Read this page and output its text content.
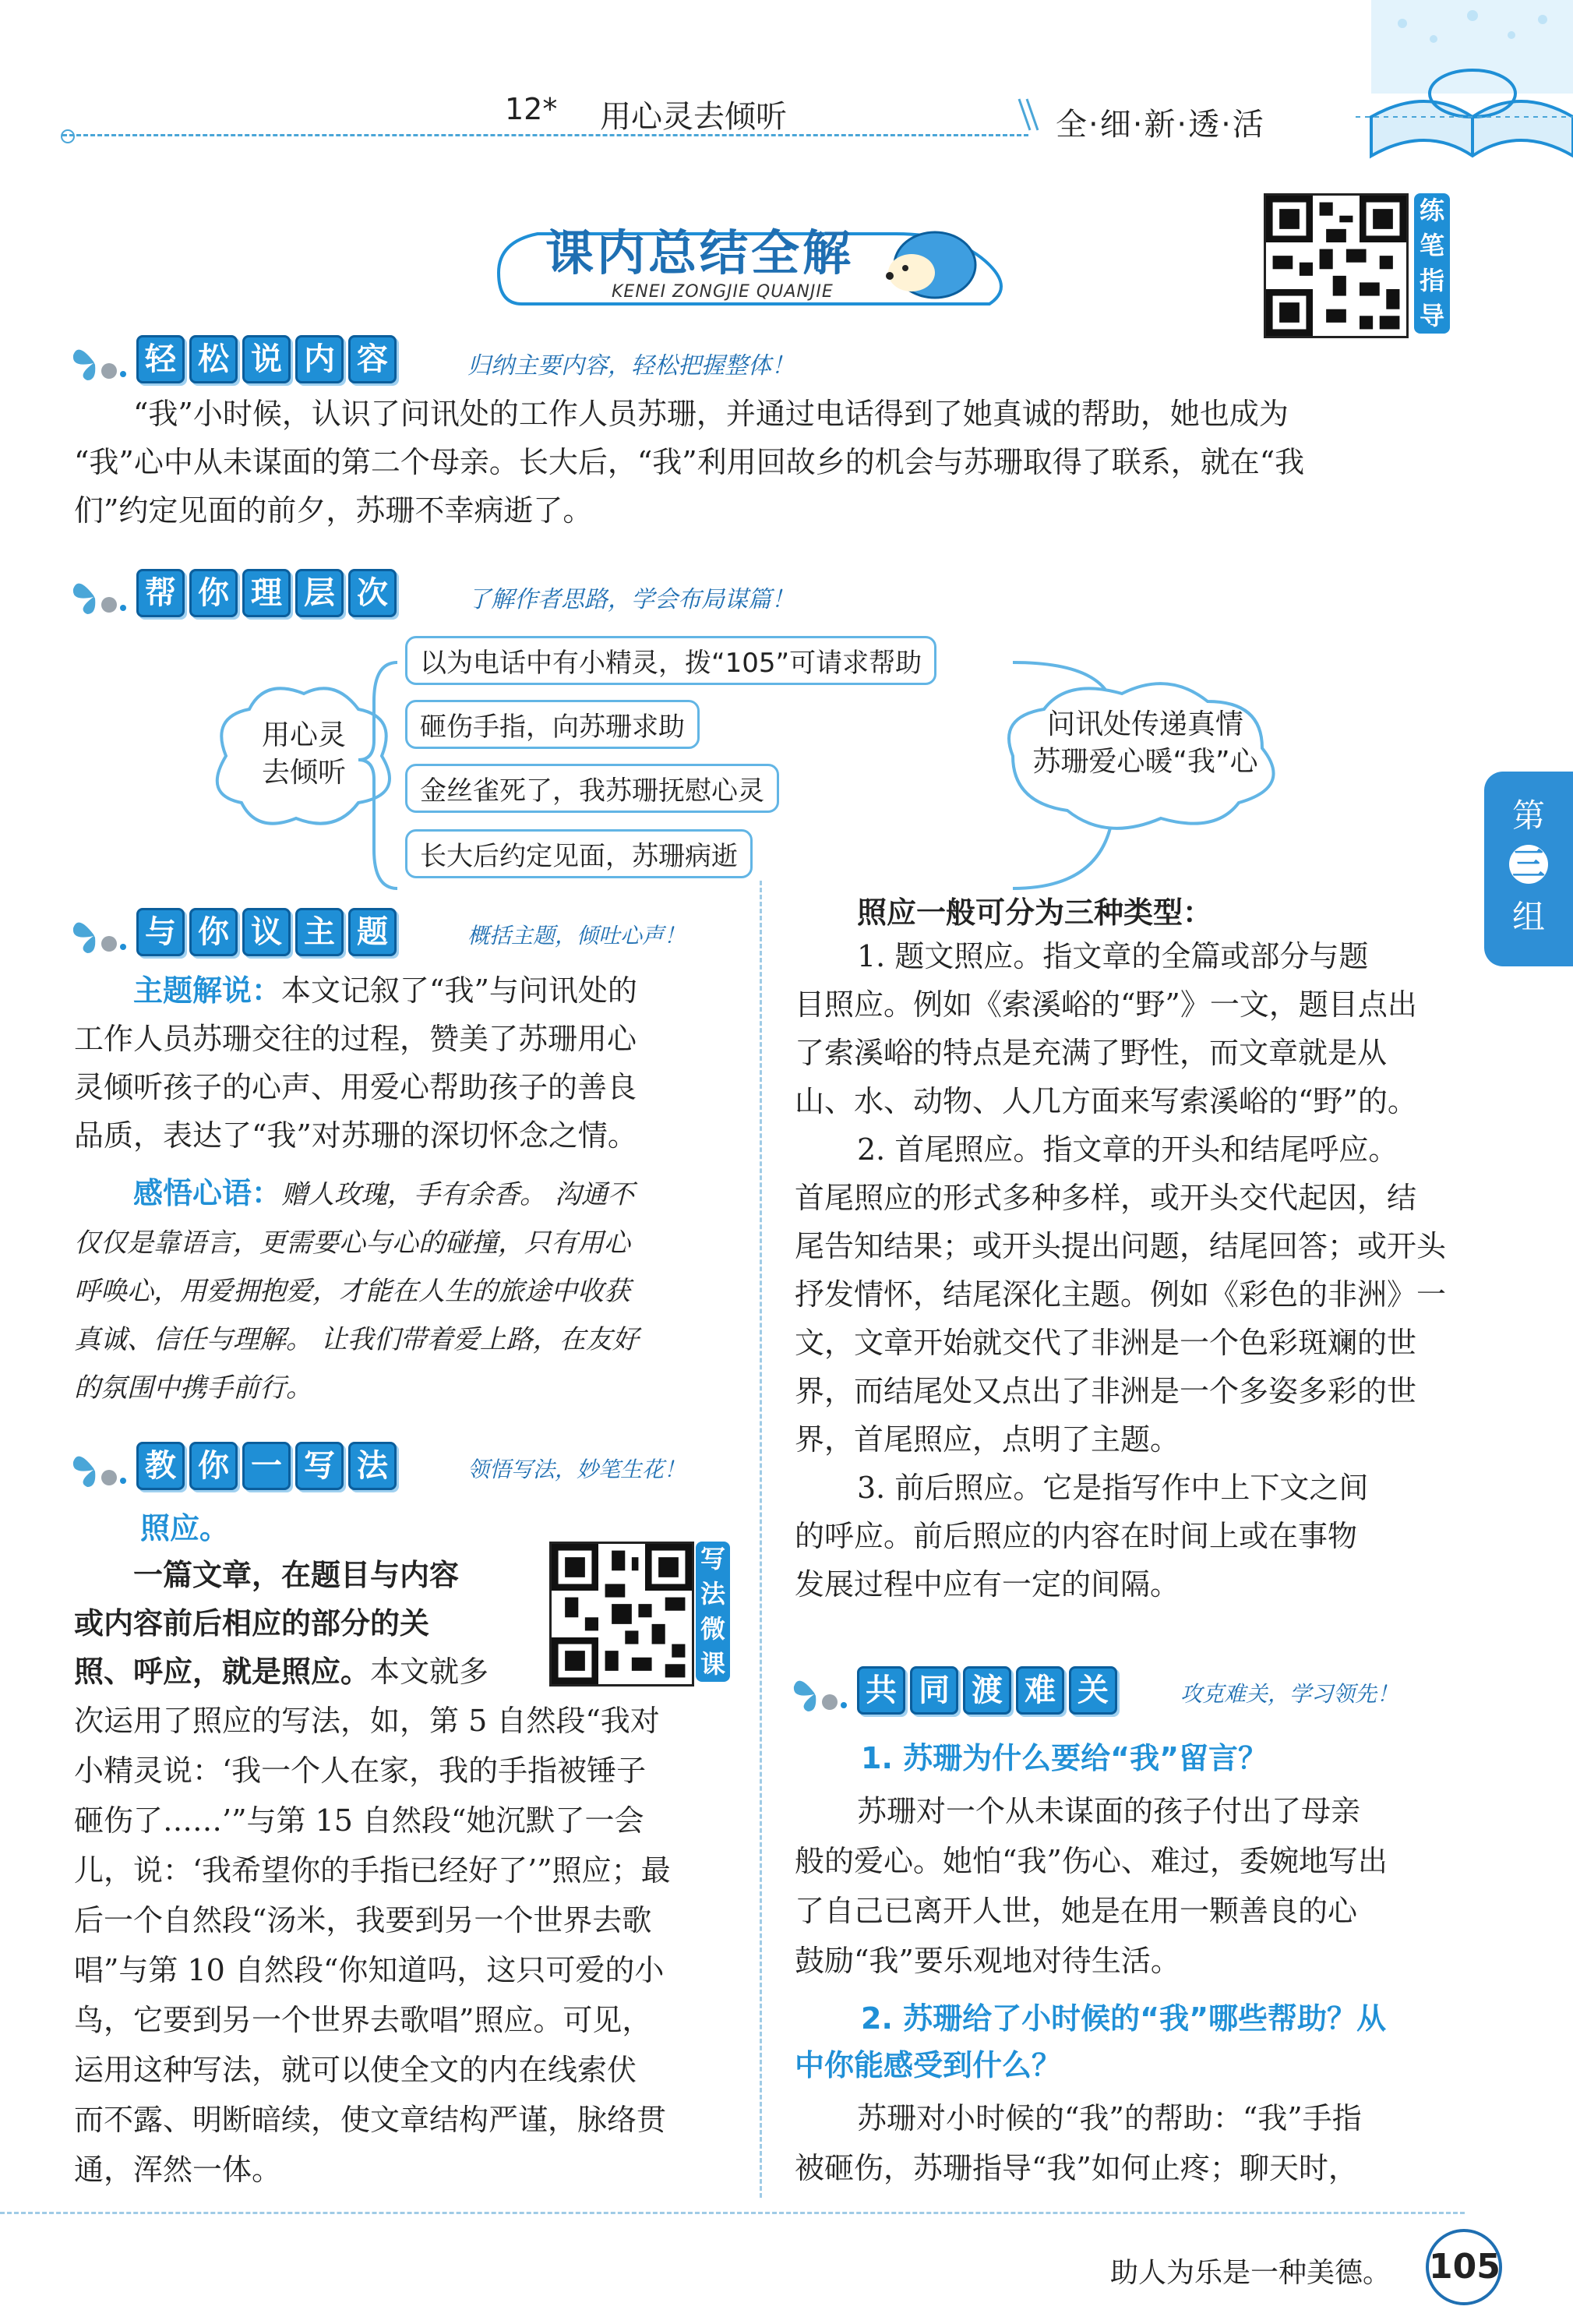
12* 用心灵去倾听	全·细·新·透·活
课内总结全解
KENEI ZONGJIE QUANJIE
练
笔
指
导
轻 松 说 内 容	归纳主要内容，轻松把握整体！
“我”小时候，认识了问讯处的工作人员苏珊，并通过电话得到了她真诚的帮助，她也成为
“我”心中从未谋面的第二个母亲。长大后，“我”利用回故乡的机会与苏珊取得了联系，就在“我
们”约定见面的前夕，苏珊不幸病逝了。
帮 你 理 层 次	了解作者思路，学会布局谋篇！
用心灵
去倾听
以为电话中有小精灵，拨“105”可请求帮助
砸伤手指，向苏珊求助
金丝雀死了，我苏珊抚慰心灵
长大后约定见面，苏珊病逝
问讯处传递真情
苏珊爱心暖“我”心
与 你 议 主 题	概括主题，倾吐心声！
主题解说：本文记叙了“我”与问讯处的
工作人员苏珊交往的过程，赞美了苏珊用心
灵倾听孩子的心声、用爱心帮助孩子的善良
品质，表达了“我”对苏珊的深切怀念之情。
感悟心语：赠人玫瑰，手有余香。 沟通不
仅仅是靠语言，更需要心与心的碰撞，只有用心
呼唤心，用爱拥抱爱，才能在人生的旅途中收获
真诚、信任与理解。 让我们带着爱上路，在友好
的氛围中携手前行。
教 你 一 写 法	领悟写法，妙笔生花！
照应。
一篇文章，在题目与内容
或内容前后相应的部分的关
照、呼应，就是照应。本文就多
写
法
微
课
次运用了照应的写法，如，第 5 自然段“我对
小精灵说：‘我一个人在家，我的手指被锤子
砸伤了……’”与第 15 自然段“她沉默了一会
儿，说：‘我希望你的手指已经好了’”照应；最
后一个自然段“汤米，我要到另一个世界去歌
唱”与第 10 自然段“你知道吗，这只可爱的小
鸟，它要到另一个世界去歌唱”照应。可见，
运用这种写法，就可以使全文的内在线索伏
而不露、明断暗续，使文章结构严谨，脉络贯
通，浑然一体。
照应一般可分为三种类型：
1. 题文照应。指文章的全篇或部分与题
目照应。例如《索溪峪的“野”》一文，题目点出
了索溪峪的特点是充满了野性，而文章就是从
山、水、动物、人几方面来写索溪峪的“野”的。
2. 首尾照应。指文章的开头和结尾呼应。
首尾照应的形式多种多样，或开头交代起因，结
尾告知结果；或开头提出问题，结尾回答；或开头
抒发情怀，结尾深化主题。例如《彩色的非洲》一
文，文章开始就交代了非洲是一个色彩斑斓的世
界，而结尾处又点出了非洲是一个多姿多彩的世
界，首尾照应，点明了主题。
3. 前后照应。它是指写作中上下文之间
的呼应。前后照应的内容在时间上或在事物
发展过程中应有一定的间隔。
共 同 渡 难 关	攻克难关，学习领先！
1. 苏珊为什么要给“我”留言？
苏珊对一个从未谋面的孩子付出了母亲
般的爱心。她怕“我”伤心、难过，委婉地写出
了自己已离开人世，她是在用一颗善良的心
鼓励“我”要乐观地对待生活。
2. 苏珊给了小时候的“我”哪些帮助？从
中你能感受到什么？
苏珊对小时候的“我”的帮助：“我”手指
被砸伤，苏珊指导“我”如何止疼；聊天时，
第
三
组
助人为乐是一种美德。 105
